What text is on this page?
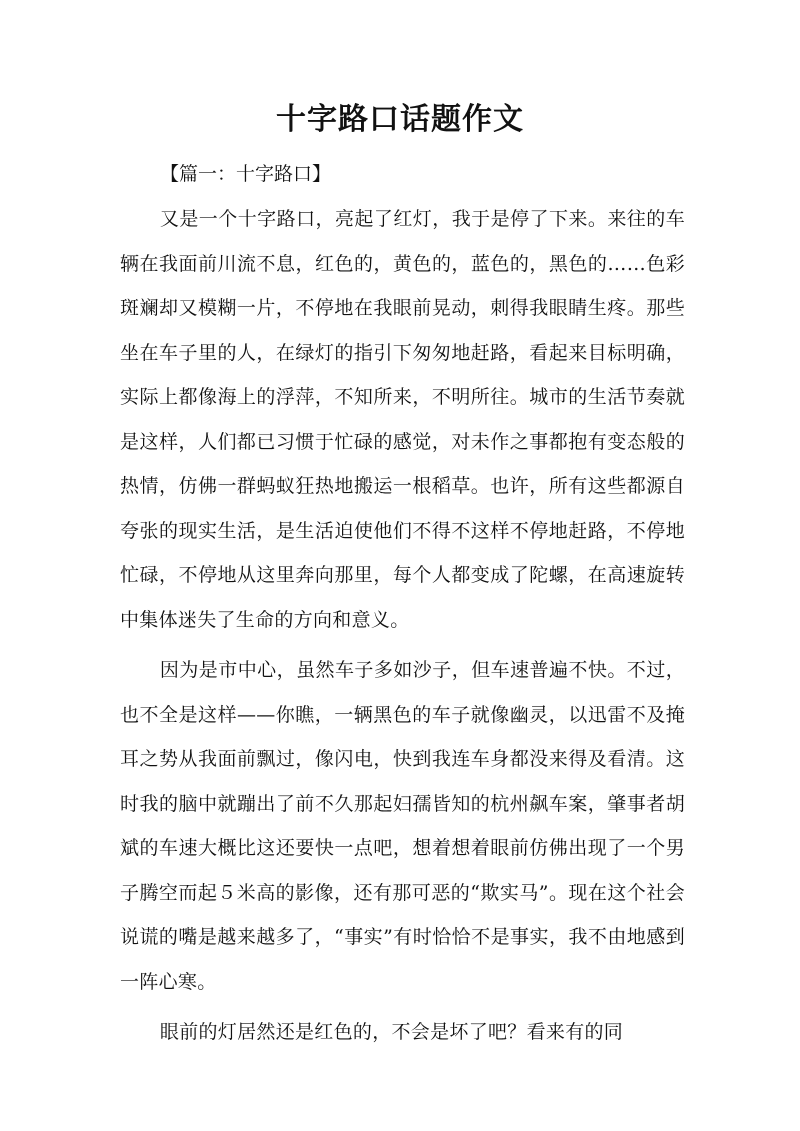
十字路口话题作文
【篇一：十字路口】

又是一个十字路口，亮起了红灯，我于是停了下来。来往的车辆在我面前川流不息，红色的，黄色的，蓝色的，黑色的……色彩斑斓却又模糊一片，不停地在我眼前晃动，刺得我眼睛生疼。那些坐在车子里的人，在绿灯的指引下匆匆地赶路，看起来目标明确，实际上都像海上的浮萍，不知所来，不明所往。城市的生活节奏就是这样，人们都已习惯于忙碌的感觉，对未作之事都抱有变态般的热情，仿佛一群蚂蚁狂热地搬运一根稻草。也许，所有这些都源自夸张的现实生活，是生活迫使他们不得不这样不停地赶路，不停地忙碌，不停地从这里奔向那里，每个人都变成了陀螺，在高速旋转中集体迷失了生命的方向和意义。

因为是市中心，虽然车子多如沙子，但车速普遍不快。不过，也不全是这样——你瞧，一辆黑色的车子就像幽灵，以迅雷不及掩耳之势从我面前飘过，像闪电，快到我连车身都没来得及看清。这时我的脑中就蹦出了前不久那起妇孺皆知的杭州飙车案，肇事者胡斌的车速大概比这还要快一点吧，想着想着眼前仿佛出现了一个男子腾空而起５米高的影像，还有那可恶的“欺实马”。现在这个社会说谎的嘴是越来越多了，“事实”有时恰恰不是事实，我不由地感到一阵心寒。

眼前的灯居然还是红色的，不会是坏了吧？看来有的同
